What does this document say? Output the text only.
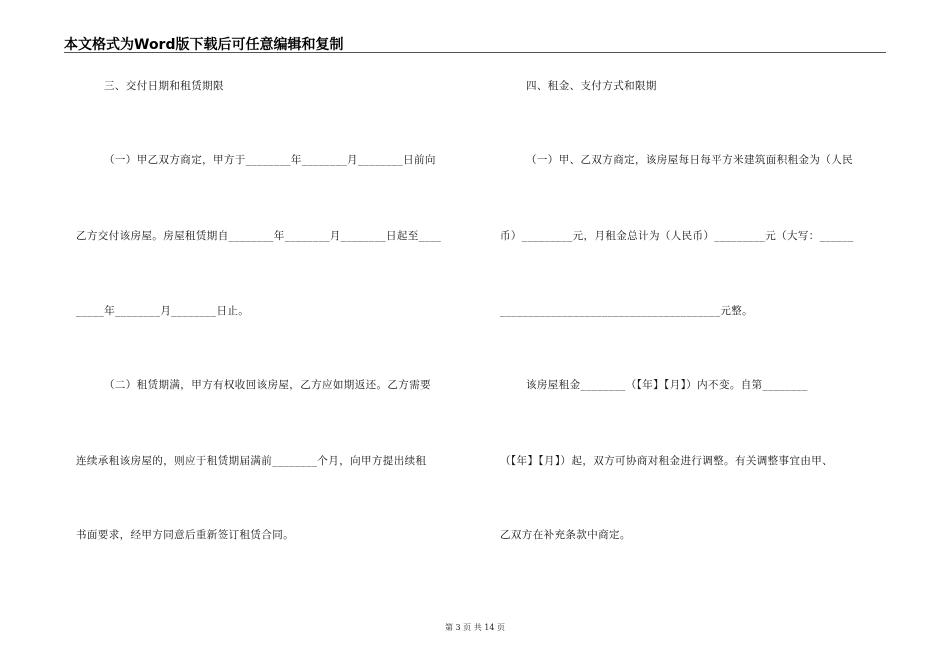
本文格式为Word版下载后可任意编辑和复制
三、交付日期和租赁期限
（一）甲乙双方商定，甲方于________年________月________日前向
乙方交付该房屋。房屋租赁期自________年________月________日起至____
_____年________月________日止。
（二）租赁期满，甲方有权收回该房屋，乙方应如期返还。乙方需要
连续承租该房屋的，则应于租赁期届满前________个月，向甲方提出续租
书面要求，经甲方同意后重新签订租赁合同。
四、租金、支付方式和限期
（一）甲、乙双方商定，该房屋每日每平方米建筑面积租金为（人民
币）_________元，月租金总计为（人民币）_________元（大写：______
_______________________________________元整。
该房屋租金________（【年】【月】）内不变。自第________
（【年】【月】）起，双方可协商对租金进行调整。有关调整事宜由甲、
乙双方在补充条款中商定。
第 3 页 共 14 页
